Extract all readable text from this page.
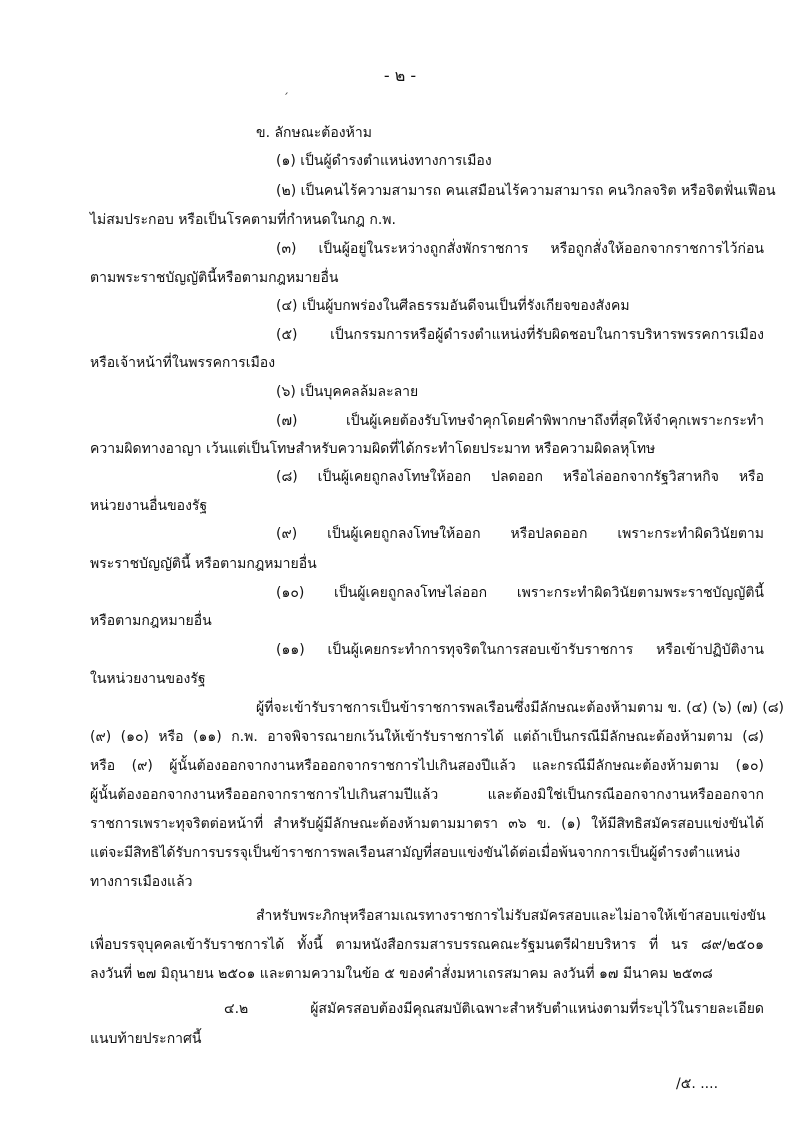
- ๒ -
׳
ข. ลักษณะต้องห้าม
(๑) เป็นผู้ดำรงตำแหน่งทางการเมือง
(๒) เป็นคนไร้ความสามารถ คนเสมือนไร้ความสามารถ คนวิกลจริต หรือจิตฟั่นเฟือน
ไม่สมประกอบ หรือเป็นโรคตามที่กำหนดในกฎ ก.พ.
(๓) เป็นผู้อยู่ในระหว่างถูกสั่งพักราชการ หรือถูกสั่งให้ออกจากราชการไว้ก่อน
ตามพระราชบัญญัตินี้หรือตามกฎหมายอื่น
(๔) เป็นผู้บกพร่องในศีลธรรมอันดีจนเป็นที่รังเกียจของสังคม
(๕) เป็นกรรมการหรือผู้ดำรงตำแหน่งที่รับผิดชอบในการบริหารพรรคการเมือง
หรือเจ้าหน้าที่ในพรรคการเมือง
(๖) เป็นบุคคลล้มละลาย
(๗) เป็นผู้เคยต้องรับโทษจำคุกโดยคำพิพากษาถึงที่สุดให้จำคุกเพราะกระทำ
ความผิดทางอาญา เว้นแต่เป็นโทษสำหรับความผิดที่ได้กระทำโดยประมาท หรือความผิดลหุโทษ
(๘) เป็นผู้เคยถูกลงโทษให้ออก ปลดออก หรือไล่ออกจากรัฐวิสาหกิจ หรือ
หน่วยงานอื่นของรัฐ
(๙) เป็นผู้เคยถูกลงโทษให้ออก หรือปลดออก เพราะกระทำผิดวินัยตาม
พระราชบัญญัตินี้ หรือตามกฎหมายอื่น
(๑๐) เป็นผู้เคยถูกลงโทษไล่ออก เพราะกระทำผิดวินัยตามพระราชบัญญัตินี้
หรือตามกฎหมายอื่น
(๑๑) เป็นผู้เคยกระทำการทุจริตในการสอบเข้ารับราชการ หรือเข้าปฏิบัติงาน
ในหน่วยงานของรัฐ
ผู้ที่จะเข้ารับราชการเป็นข้าราชการพลเรือนซึ่งมีลักษณะต้องห้ามตาม ข. (๔) (๖) (๗) (๘)
(๙) (๑๐) หรือ (๑๑) ก.พ. อาจพิจารณายกเว้นให้เข้ารับราชการได้ แต่ถ้าเป็นกรณีมีลักษณะต้องห้ามตาม (๘)
หรือ (๙) ผู้นั้นต้องออกจากงานหรือออกจากราชการไปเกินสองปีแล้ว และกรณีมีลักษณะต้องห้ามตาม (๑๐)
ผู้นั้นต้องออกจากงานหรือออกจากราชการไปเกินสามปีแล้ว และต้องมิใช่เป็นกรณีออกจากงานหรือออกจาก
ราชการเพราะทุจริตต่อหน้าที่ สำหรับผู้มีลักษณะต้องห้ามตามมาตรา ๓๖ ข. (๑) ให้มีสิทธิสมัครสอบแข่งขันได้
แต่จะมีสิทธิได้รับการบรรจุเป็นข้าราชการพลเรือนสามัญที่สอบแข่งขันได้ต่อเมื่อพ้นจากการเป็นผู้ดำรงตำแหน่ง
ทางการเมืองแล้ว
สำหรับพระภิกษุหรือสามเณรทางราชการไม่รับสมัครสอบและไม่อาจให้เข้าสอบแข่งขัน
เพื่อบรรจุบุคคลเข้ารับราชการได้ ทั้งนี้ ตามหนังสือกรมสารบรรณคณะรัฐมนตรีฝ่ายบริหาร ที่ นร ๘๙/๒๕๐๑
ลงวันที่ ๒๗ มิถุนายน ๒๕๐๑ และตามความในข้อ ๕ ของคำสั่งมหาเถรสมาคม ลงวันที่ ๑๗ มีนาคม ๒๕๓๘
๔.๒ ผู้สมัครสอบต้องมีคุณสมบัติเฉพาะสำหรับตำแหน่งตามที่ระบุไว้ในรายละเอียด
แนบท้ายประกาศนี้
/๕. ....
